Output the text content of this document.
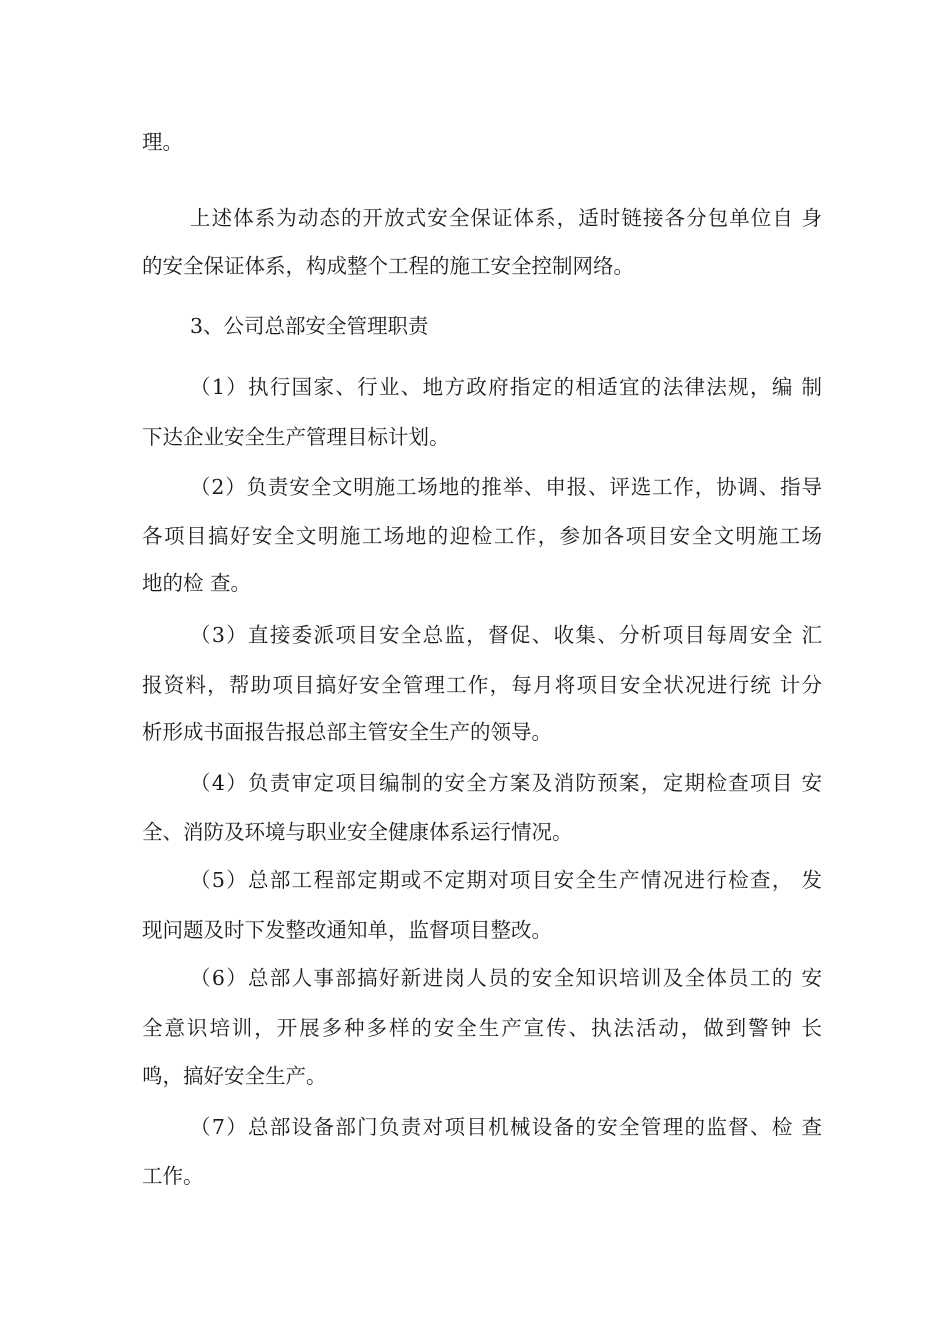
理。
上述体系为动态的开放式安全保证体系，适时链接各分包单位自 身
的安全保证体系，构成整个工程的施工安全控制网络。
3、公司总部安全管理职责
（1）执行国家、行业、地方政府指定的相适宜的法律法规，编 制
下达企业安全生产管理目标计划。
（2）负责安全文明施工场地的推举、申报、评选工作，协调、指导
各项目搞好安全文明施工场地的迎检工作，参加各项目安全文明施工场
地的检 查。
（3）直接委派项目安全总监，督促、收集、分析项目每周安全 汇
报资料，帮助项目搞好安全管理工作，每月将项目安全状况进行统 计分
析形成书面报告报总部主管安全生产的领导。
（4）负责审定项目编制的安全方案及消防预案，定期检查项目 安
全、消防及环境与职业安全健康体系运行情况。
（5）总部工程部定期或不定期对项目安全生产情况进行检查， 发
现问题及时下发整改通知单，监督项目整改。
（6）总部人事部搞好新进岗人员的安全知识培训及全体员工的 安
全意识培训，开展多种多样的安全生产宣传、执法活动，做到警钟 长
鸣，搞好安全生产。
（7）总部设备部门负责对项目机械设备的安全管理的监督、检 查
工作。
